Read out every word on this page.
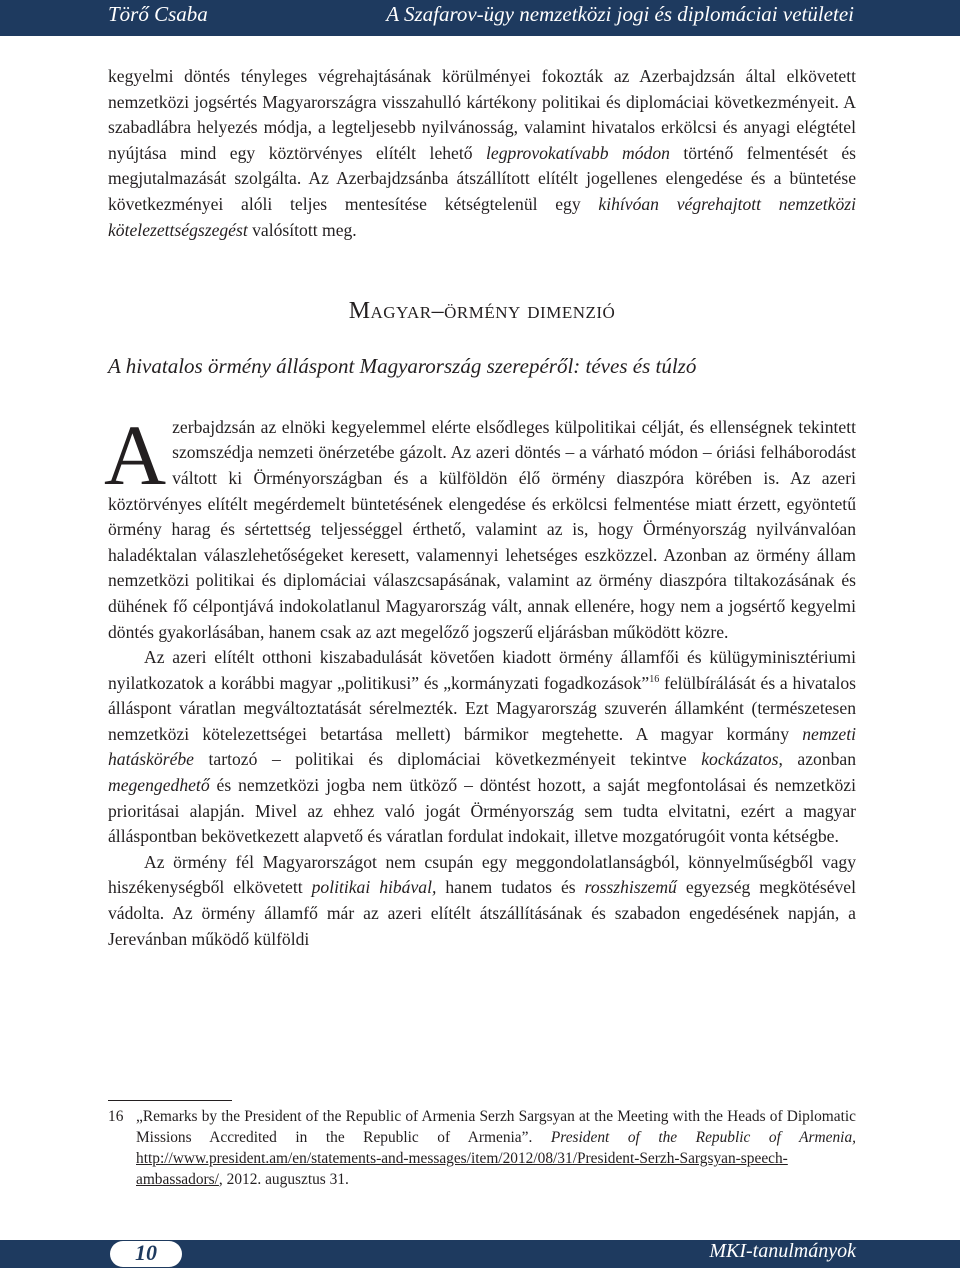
Törő Csaba	A Szafarov-ügy nemzetközi jogi és diplomáciai vetületei

kegyelmi döntés tényleges végrehajtásának körülményei fokozták az Azerbajdzsán által elkövetett nemzetközi jogsértés Magyarországra visszahulló kártékony politikai és diplomáciai következményeit. A szabadlábra helyezés módja, a legteljesebb nyilvánosság, valamint hivatalos erkölcsi és anyagi elégtétel nyújtása mind egy köztörvényes elítélt lehető legprovokatívabb módon történő felmentését és megjutalmazását szolgálta. Az Azerbajdzsánba átszállított elítélt jogellenes elengedése és a büntetése következményei alóli teljes mentesítése kétségtelenül egy kihívóan végrehajtott nemzetközi kötelezettségszegést valósított meg.

Magyar–örmény dimenzió
A hivatalos örmény álláspont Magyarország szerepéről: téves és túlzó

Azerbajdzsán az elnöki kegyelemmel elérte elsődleges külpolitikai célját, és ellenségnek tekintett szomszédja nemzeti önérzetébe gázolt. Az azeri döntés – a várható módon – óriási felháborodást váltott ki Örményországban és a külföldön élő örmény diaszpóra körében is. Az azeri köztörvényes elítélt megérdemelt büntetésének elengedése és erkölcsi felmentése miatt érzett, egyöntetű örmény harag és sértettség teljességgel érthető, valamint az is, hogy Örményország nyilvánvalóan haladéktalan válaszlehetőségeket keresett, valamennyi lehetséges eszközzel. Azonban az örmény állam nemzetközi politikai és diplomáciai válaszcsapásának, valamint az örmény diaszpóra tiltakozásának és dühének fő célpontjává indokolatlanul Magyarország vált, annak ellenére, hogy nem a jogsértő kegyelmi döntés gyakorlásában, hanem csak az azt megelőző jogszerű eljárásban működött közre.

Az azeri elítélt otthoni kiszabadulását követően kiadott örmény államfői és külügyminisztériumi nyilatkozatok a korábbi magyar „politikusi” és „kormányzati fogadkozások”$^{16}$ felülbírálását és a hivatalos álláspont váratlan megváltoztatását sérelmezték. Ezt Magyarország szuverén államként (természetesen nemzetközi kötelezettségei betartása mellett) bármikor megtehette. A magyar kormány nemzeti hatáskörébe tartozó – politikai és diplomáciai következményeit tekintve kockázatos, azonban megengedhető és nemzetközi jogba nem ütköző – döntést hozott, a saját megfontolásai és nemzetközi prioritásai alapján. Mivel az ehhez való jogát Örményország sem tudta elvitatni, ezért a magyar álláspontban bekövetkezett alapvető és váratlan fordulat indokait, illetve mozgatórugóit vonta kétségbe.

Az örmény fél Magyarországot nem csupán egy meggondolatlanságból, könnyelműségből vagy hiszékenységből elkövetett politikai hibával, hanem tudatos és rosszhiszemű egyezség megkötésével vádolta. Az örmény államfő már az azeri elítélt átszállításának és szabadon engedésének napján, a Jerevánban működő külföldi

16 „Remarks by the President of the Republic of Armenia Serzh Sargsyan at the Meeting with the Heads of Diplomatic Missions Accredited in the Republic of Armenia”. President of the Republic of Armenia, http://www.president.am/en/statements-and-messages/item/2012/08/31/President-Serzh-Sargsyan-speech-ambassadors/, 2012. augusztus 31.
10	MKI-tanulmányok
